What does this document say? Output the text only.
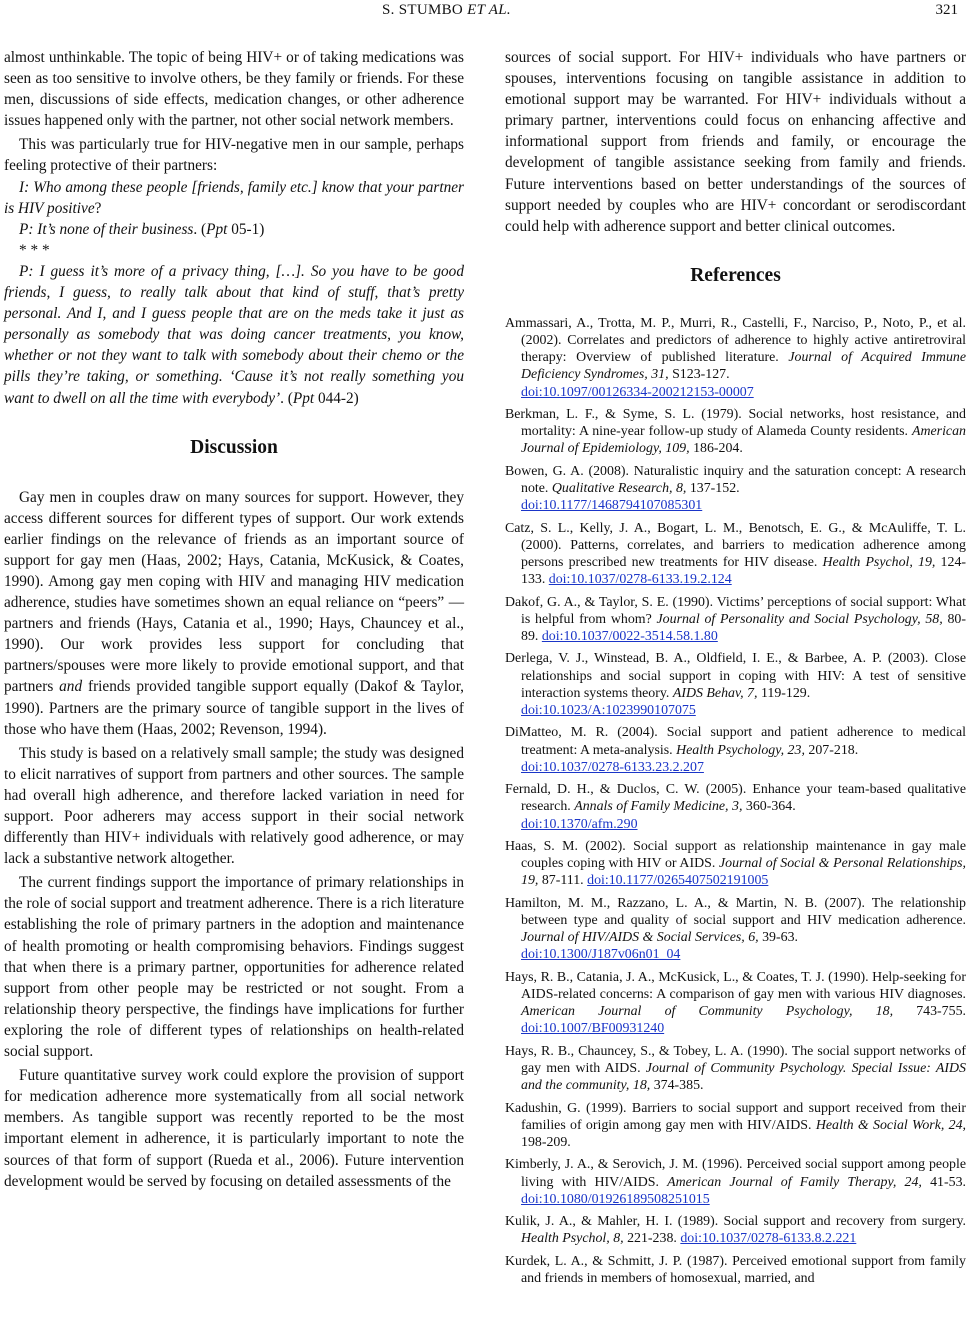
S. STUMBO ET AL.	321

almost unthinkable. The topic of being HIV+ or of taking medications was seen as too sensitive to involve others, be they family or friends. For these men, discussions of side effects, medication changes, or other adherence issues happened only with the partner, not other social network members.

This was particularly true for HIV-negative men in our sample, perhaps feeling protective of their partners:

I: Who among these people [friends, family etc.] know that your partner is HIV positive?

P: It’s none of their business. (Ppt 05-1)

* * *

P: I guess it’s more of a privacy thing, […]. So you have to be good friends, I guess, to really talk about that kind of stuff, that’s pretty personal. And I, and I guess people that are on the meds take it just as personally as somebody that was doing cancer treatments, you know, whether or not they want to talk with somebody about their chemo or the pills they’re taking, or something. ‘Cause it’s not really something you want to dwell on all the time with everybody’. (Ppt 044-2)

Discussion

Gay men in couples draw on many sources for support. However, they access different sources for different types of support. Our work extends earlier findings on the relevance of friends as an important source of support for gay men (Haas, 2002; Hays, Catania, McKusick, & Coates, 1990). Among gay men coping with HIV and managing HIV medication adherence, studies have sometimes shown an equal reliance on “peers” —partners and friends (Hays, Catania et al., 1990; Hays, Chauncey et al., 1990). Our work provides less support for concluding that partners/spouses were more likely to provide emotional support, and that partners and friends provided tangible support equally (Dakof & Taylor, 1990). Partners are the primary source of tangible support in the lives of those who have them (Haas, 2002; Revenson, 1994).

This study is based on a relatively small sample; the study was designed to elicit narratives of support from partners and other sources. The sample had overall high adherence, and therefore lacked variation in need for support. Poor adherers may access support in their social network differently than HIV+ individuals with relatively good adherence, or may lack a substantive network altogether.

The current findings support the importance of primary relationships in the role of social support and treatment adherence. There is a rich literature establishing the role of primary partners in the adoption and maintenance of health promoting or health compromising behaviors. Findings suggest that when there is a primary partner, opportunities for adherence related support from other people may be restricted or not sought. From a relationship theory perspective, the findings have implications for further exploring the role of different types of relationships on health-related social support.

Future quantitative survey work could explore the provision of support for medication adherence more systematically from all social network members. As tangible support was recently reported to be the most important element in adherence, it is particularly important to note the sources of that form of support (Rueda et al., 2006). Future intervention development would be served by focusing on detailed assessments of the

sources of social support. For HIV+ individuals who have partners or spouses, interventions focusing on tangible assistance in addition to emotional support may be warranted. For HIV+ individuals without a primary partner, interventions could focus on enhancing affective and informational support from friends and family, or encourage the development of tangible assistance seeking from family and friends. Future interventions based on better understandings of the sources of support needed by couples who are HIV+ concordant or serodiscordant could help with adherence support and better clinical outcomes.

References

Ammassari, A., Trotta, M. P., Murri, R., Castelli, F., Narciso, P., Noto, P., et al. (2002). Correlates and predictors of adherence to highly active antiretroviral therapy: Overview of published literature. Journal of Acquired Immune Deficiency Syndromes, 31, S123-127.
doi:10.1097/00126334-200212153-00007

Berkman, L. F., & Syme, S. L. (1979). Social networks, host resistance, and mortality: A nine-year follow-up study of Alameda County residents. American Journal of Epidemiology, 109, 186-204.

Bowen, G. A. (2008). Naturalistic inquiry and the saturation concept: A research note. Qualitative Research, 8, 137-152.
doi:10.1177/1468794107085301

Catz, S. L., Kelly, J. A., Bogart, L. M., Benotsch, E. G., & McAuliffe, T. L. (2000). Patterns, correlates, and barriers to medication adherence among persons prescribed new treatments for HIV disease. Health Psychol, 19, 124-133. doi:10.1037/0278-6133.19.2.124

Dakof, G. A., & Taylor, S. E. (1990). Victims’ perceptions of social support: What is helpful from whom? Journal of Personality and Social Psychology, 58, 80-89. doi:10.1037/0022-3514.58.1.80

Derlega, V. J., Winstead, B. A., Oldfield, I. E., & Barbee, A. P. (2003). Close relationships and social support in coping with HIV: A test of sensitive interaction systems theory. AIDS Behav, 7, 119-129.
doi:10.1023/A:1023990107075

DiMatteo, M. R. (2004). Social support and patient adherence to medical treatment: A meta-analysis. Health Psychology, 23, 207-218.
doi:10.1037/0278-6133.23.2.207

Fernald, D. H., & Duclos, C. W. (2005). Enhance your team-based qualitative research. Annals of Family Medicine, 3, 360-364.
doi:10.1370/afm.290

Haas, S. M. (2002). Social support as relationship maintenance in gay male couples coping with HIV or AIDS. Journal of Social & Personal Relationships, 19, 87-111. doi:10.1177/0265407502191005

Hamilton, M. M., Razzano, L. A., & Martin, N. B. (2007). The relationship between type and quality of social support and HIV medication adherence. Journal of HIV/AIDS & Social Services, 6, 39-63.
doi:10.1300/J187v06n01_04

Hays, R. B., Catania, J. A., McKusick, L., & Coates, T. J. (1990). Help-seeking for AIDS-related concerns: A comparison of gay men with various HIV diagnoses. American Journal of Community Psychology, 18, 743-755. doi:10.1007/BF00931240

Hays, R. B., Chauncey, S., & Tobey, L. A. (1990). The social support networks of gay men with AIDS. Journal of Community Psychology. Special Issue: AIDS and the community, 18, 374-385.

Kadushin, G. (1999). Barriers to social support and support received from their families of origin among gay men with HIV/AIDS. Health & Social Work, 24, 198-209.

Kimberly, J. A., & Serovich, J. M. (1996). Perceived social support among people living with HIV/AIDS. American Journal of Family Therapy, 24, 41-53. doi:10.1080/01926189508251015

Kulik, J. A., & Mahler, H. I. (1989). Social support and recovery from surgery. Health Psychol, 8, 221-238. doi:10.1037/0278-6133.8.2.221

Kurdek, L. A., & Schmitt, J. P. (1987). Perceived emotional support from family and friends in members of homosexual, married, and
